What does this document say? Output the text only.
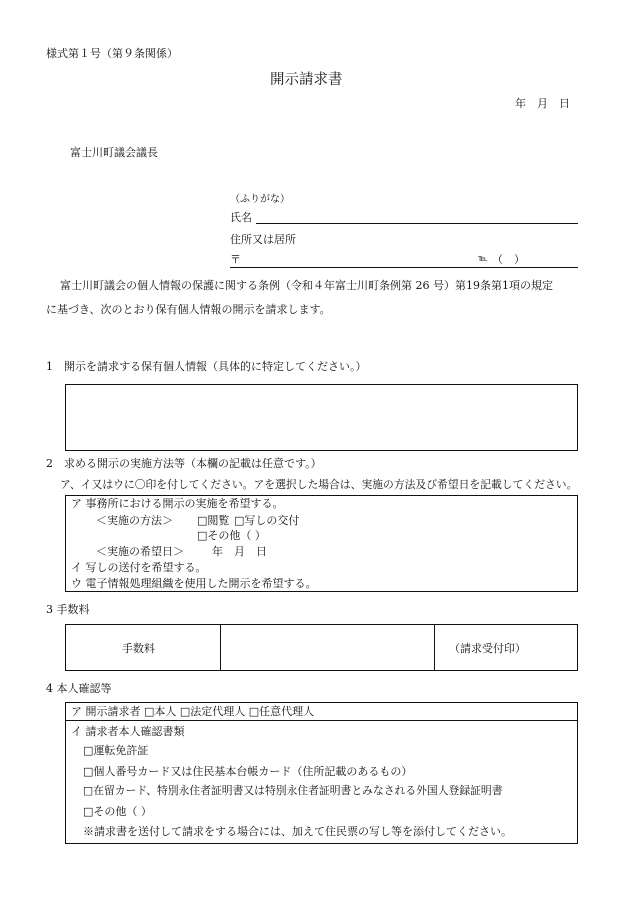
様式第１号（第９条関係）
開示請求書
年　月　日
富士川町議会議長
（ふりがな）
氏名
住所又は居所
〒	℡ （　）
富士川町議会の個人情報の保護に関する条例（令和４年富士川町条例第 26 号）第19条第1項の規定
に基づき、次のとおり保有個人情報の開示を請求します。
1　開示を請求する保有個人情報（具体的に特定してください。）
2　求める開示の実施方法等（本欄の記載は任意です。）
ア、イ又はウに〇印を付してください。アを選択した場合は、実施の方法及び希望日を記載してください。
ア 事務所における開示の実施を希望する。
＜実施の方法＞ □閲覧 □写しの交付
□その他（ ）
＜実施の希望日＞	年　月　日
イ 写しの送付を希望する。
ウ 電子情報処理組織を使用した開示を希望する。
3 手数料
手数料	（請求受付印）
4 本人確認等
ア 開示請求者 □本人 □法定代理人 □任意代理人
イ 請求者本人確認書類
□運転免許証
□個人番号カード又は住民基本台帳カード（住所記載のあるもの）
□在留カード、特別永住者証明書又は特別永住者証明書とみなされる外国人登録証明書
□その他（ ）
※請求書を送付して請求をする場合には、加えて住民票の写し等を添付してください。
